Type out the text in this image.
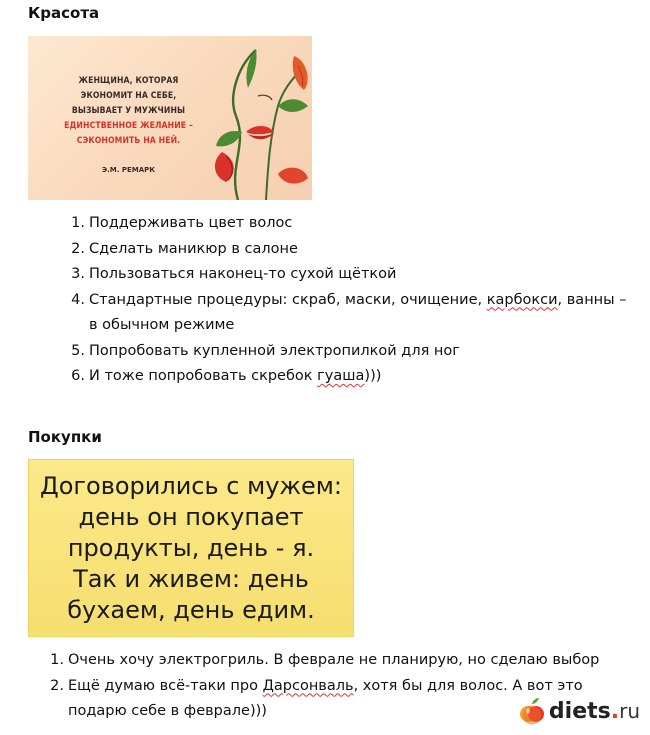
Красота
ЖЕНЩИНА, КОТОРАЯ
ЭКОНОМИТ НА СЕБЕ,
ВЫЗЫВАЕТ У МУЖЧИНЫ
ЕДИНСТВЕННОЕ ЖЕЛАНИЕ –
СЭКОНОМИТЬ НА НЕЙ.
Э.М. РЕМАРК
1. Поддерживать цвет волос
2. Сделать маникюр в салоне
3. Пользоваться наконец-то сухой щёткой
4. Стандартные процедуры: скраб, маски, очищение, карбокси, ванны – в обычном режиме
5. Попробовать купленной электропилкой для ног
6. И тоже попробовать скребок гуаша)))
Покупки
Договорились с мужем:
день он покупает
продукты, день - я.
Так и живем: день
бухаем, день едим.
1. Очень хочу электрогриль. В феврале не планирую, но сделаю выбор
2. Ещё думаю всё-таки про Дарсонваль, хотя бы для волос. А вот это подарю себе в феврале)))	diets.ru
